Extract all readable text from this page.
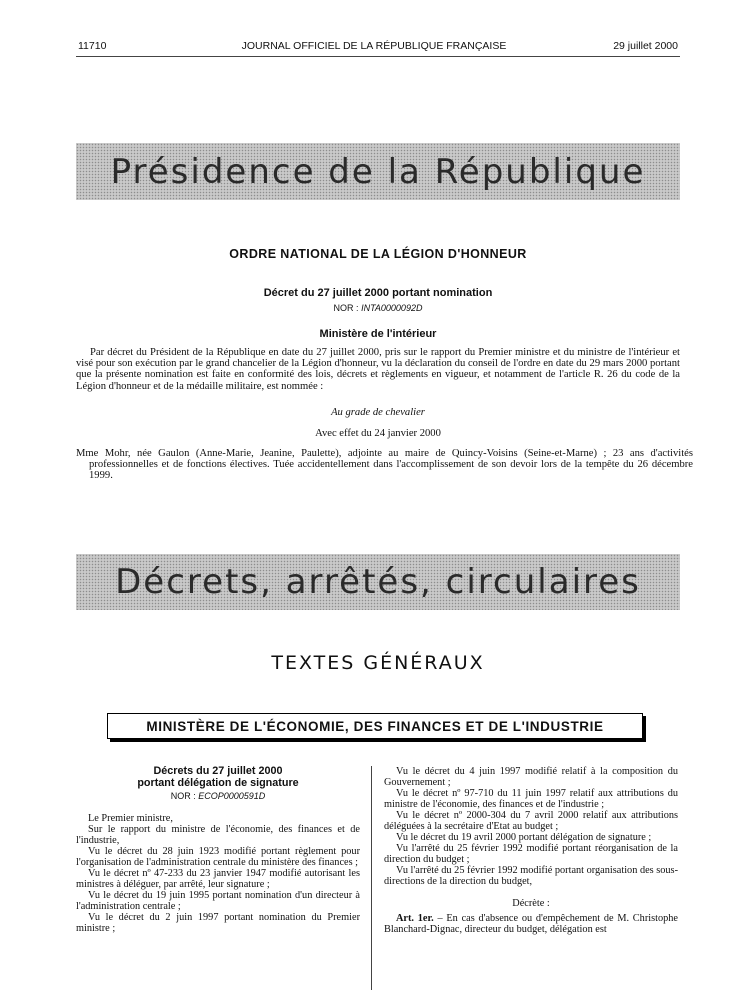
11710	JOURNAL OFFICIEL DE LA RÉPUBLIQUE FRANÇAISE	29 juillet 2000
Présidence de la République
ORDRE NATIONAL DE LA LÉGION D'HONNEUR
Décret du 27 juillet 2000 portant nomination
NOR : INTA0000092D
Ministère de l'intérieur
Par décret du Président de la République en date du 27 juillet 2000, pris sur le rapport du Premier ministre et du ministre de l'intérieur et visé pour son exécution par le grand chancelier de la Légion d'honneur, vu la déclaration du conseil de l'ordre en date du 29 mars 2000 portant que la présente nomination est faite en conformité des lois, décrets et règlements en vigueur, et notamment de l'article R. 26 du code de la Légion d'honneur et de la médaille militaire, est nommée :
Au grade de chevalier
Avec effet du 24 janvier 2000
Mme Mohr, née Gaulon (Anne-Marie, Jeanine, Paulette), adjointe au maire de Quincy-Voisins (Seine-et-Marne) ; 23 ans d'activités professionnelles et de fonctions électives. Tuée accidentellement dans l'accomplissement de son devoir lors de la tempête du 26 décembre 1999.
Décrets, arrêtés, circulaires
TEXTES GÉNÉRAUX
MINISTÈRE DE L'ÉCONOMIE, DES FINANCES ET DE L'INDUSTRIE

Décrets du 27 juillet 2000

portant délégation de signature

NOR : ECOP0000591D

Le Premier ministre,

Sur le rapport du ministre de l'économie, des finances et de l'industrie,

Vu le décret du 28 juin 1923 modifié portant règlement pour l'organisation de l'administration centrale du ministère des finances ;

Vu le décret nº 47-233 du 23 janvier 1947 modifié autorisant les ministres à déléguer, par arrêté, leur signature ;

Vu le décret du 19 juin 1995 portant nomination d'un directeur à l'administration centrale ;

Vu le décret du 2 juin 1997 portant nomination du Premier ministre ;

Vu le décret du 4 juin 1997 modifié relatif à la composition du Gouvernement ;

Vu le décret nº 97-710 du 11 juin 1997 relatif aux attributions du ministre de l'économie, des finances et de l'industrie ;

Vu le décret nº 2000-304 du 7 avril 2000 relatif aux attributions déléguées à la secrétaire d'Etat au budget ;

Vu le décret du 19 avril 2000 portant délégation de signature ;

Vu l'arrêté du 25 février 1992 modifié portant réorganisation de la direction du budget ;

Vu l'arrêté du 25 février 1992 modifié portant organisation des sous-directions de la direction du budget,

Décrète :

Art. 1er. – En cas d'absence ou d'empêchement de M. Christophe Blanchard-Dignac, directeur du budget, délégation est
